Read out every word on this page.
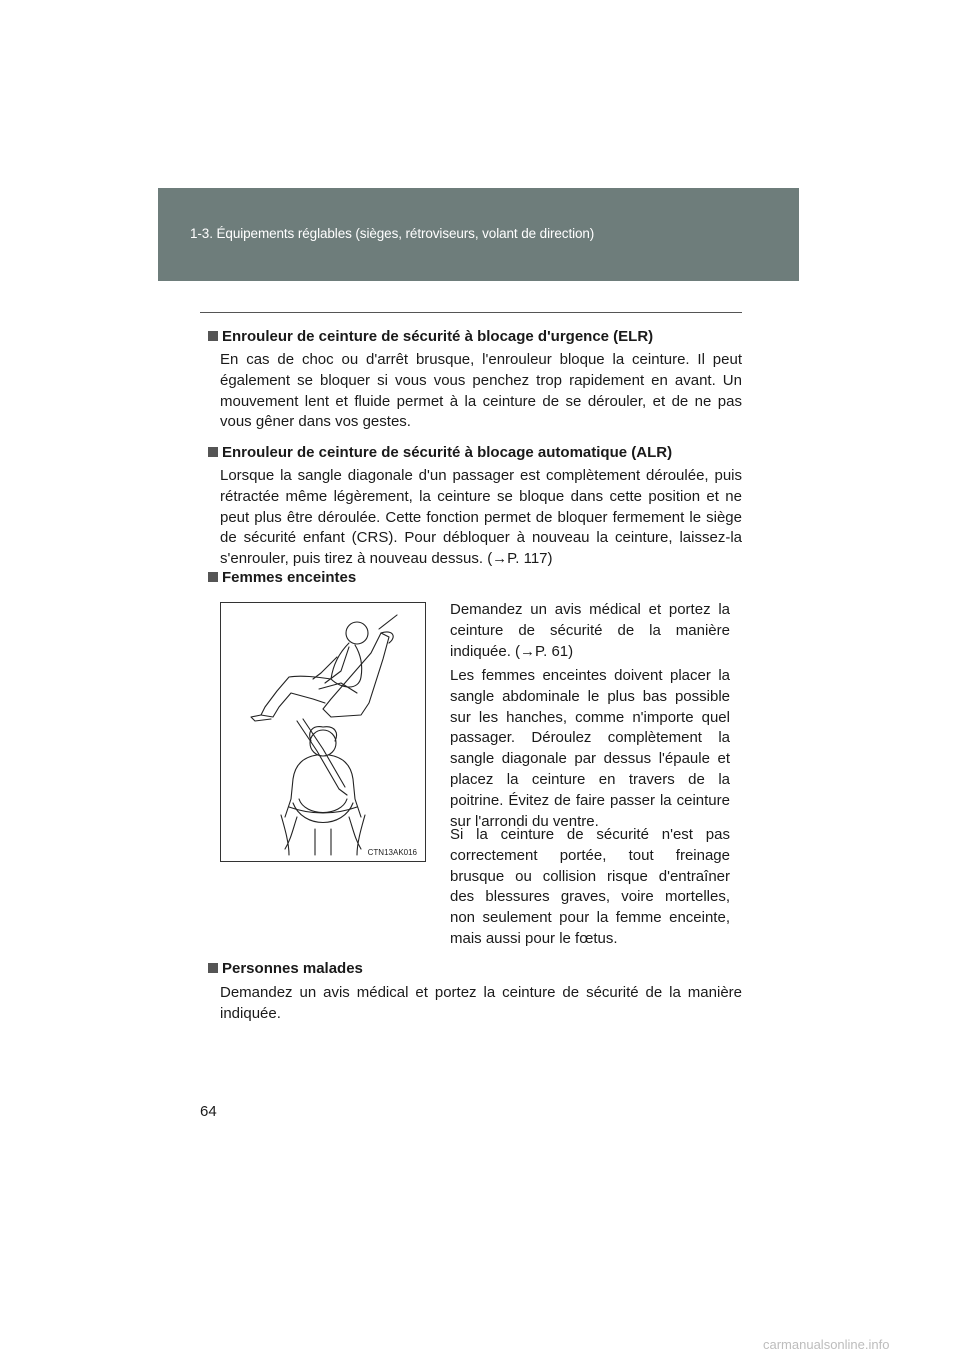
1-3. Équipements réglables (sièges, rétroviseurs, volant de direction)
Enrouleur de ceinture de sécurité à blocage d'urgence (ELR)
En cas de choc ou d'arrêt brusque, l'enrouleur bloque la ceinture. Il peut également se bloquer si vous vous penchez trop rapidement en avant. Un mouvement lent et fluide permet à la ceinture de se dérouler, et de ne pas vous gêner dans vos gestes.
Enrouleur de ceinture de sécurité à blocage automatique (ALR)
Lorsque la sangle diagonale d'un passager est complètement déroulée, puis rétractée même légèrement, la ceinture se bloque dans cette position et ne peut plus être déroulée. Cette fonction permet de bloquer fermement le siège de sécurité enfant (CRS). Pour débloquer à nouveau la ceinture, laissez-la s'enrouler, puis tirez à nouveau dessus. (→P. 117)
Femmes enceintes
CTN13AK016
Demandez un avis médical et portez la ceinture de sécurité de la manière indiquée. (→P. 61)
Les femmes enceintes doivent placer la sangle abdominale le plus bas possible sur les hanches, comme n'importe quel passager. Déroulez complètement la sangle diagonale par dessus l'épaule et placez la ceinture en travers de la poitrine. Évitez de faire passer la ceinture sur l'arrondi du ventre.
Si la ceinture de sécurité n'est pas correctement portée, tout freinage brusque ou collision risque d'entraîner des blessures graves, voire mortelles, non seulement pour la femme enceinte, mais aussi pour le fœtus.
Personnes malades
Demandez un avis médical et portez la ceinture de sécurité de la manière indiquée.
64
carmanualsonline.info
